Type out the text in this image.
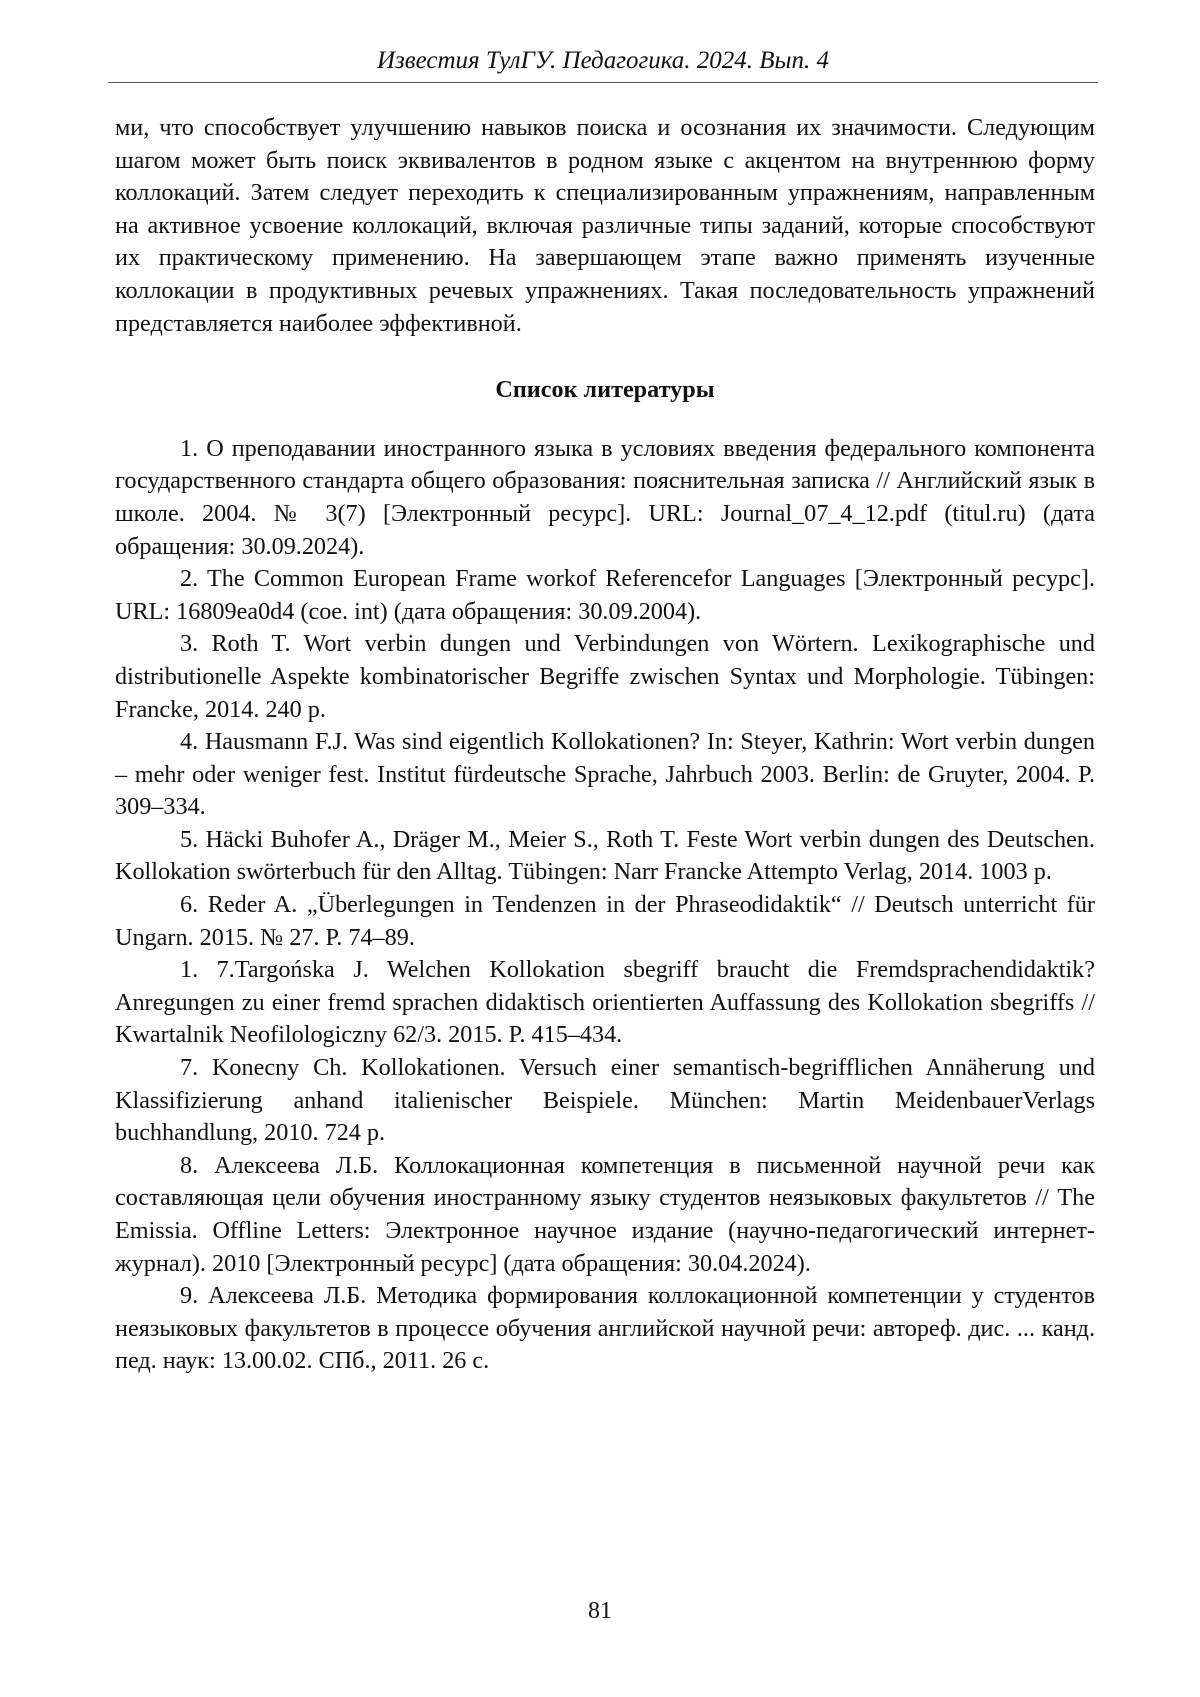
Известия ТулГУ. Педагогика. 2024. Вып. 4

ми, что способствует улучшению навыков поиска и осознания их значимости. Следующим шагом может быть поиск эквивалентов в родном языке с акцентом на внутреннюю форму коллокаций. Затем следует переходить к специализированным упражнениям, направленным на активное усвоение коллокаций, включая различные типы заданий, которые способствуют их практическому применению. На завершающем этапе важно применять изученные коллокации в продуктивных речевых упражнениях. Такая последовательность упражнений представляется наиболее эффективной.

Список литературы

1. О преподавании иностранного языка в условиях введения федерального компонента государственного стандарта общего образования: пояснительная записка // Английский язык в школе. 2004. № 3(7) [Электронный ресурс]. URL: Journal_07_4_12.pdf (titul.ru) (дата обращения: 30.09.2024).

2. The Common European Frame workof Referencefor Languages [Электронный ресурс]. URL: 16809ea0d4 (coe. int) (дата обращения: 30.09.2004).

3. Roth T. Wort verbin dungen und Verbindungen von Wörtern. Lexikographische und distributionelle Aspekte kombinatorischer Begriffe zwischen Syntax und Morphologie. Tübingen: Francke, 2014. 240 p.

4. Hausmann F.J. Was sind eigentlich Kollokationen? In: Steyer, Kathrin: Wort verbin dungen – mehr oder weniger fest. Institut fürdeutsche Sprache, Jahrbuch 2003. Berlin: de Gruyter, 2004. P. 309–334.

5. Häcki Buhofer A., Dräger M., Meier S., Roth T. Feste Wort verbin dungen des Deutschen. Kollokation swörterbuch für den Alltag. Tübingen: Narr Francke Attempto Verlag, 2014. 1003 p.

6. Reder A. „Überlegungen in Tendenzen in der Phraseodidaktik“ // Deutsch unterricht für Ungarn. 2015. № 27. P. 74–89.

1. 7.Targońska J. Welchen Kollokation sbegriff braucht die Fremdsprachendidaktik? Anregungen zu einer fremd sprachen didaktisch orientierten Auffassung des Kollokation sbegriffs // Kwartalnik Neofilologiczny 62/3. 2015. P. 415–434.

7. Konecny Ch. Kollokationen. Versuch einer semantisch-begrifflichen Annäherung und Klassifizierung anhand italienischer Beispiele. München: Martin MeidenbauerVerlags buchhandlung, 2010. 724 p.

8. Алексеева Л.Б. Коллокационная компетенция в письменной научной речи как составляющая цели обучения иностранному языку студентов неязыковых факультетов // The Emissia. Offline Letters: Электронное научное издание (научно-педагогический интернет-журнал). 2010 [Электронный ресурс] (дата обращения: 30.04.2024).

9. Алексеева Л.Б. Методика формирования коллокационной компетенции у студентов неязыковых факультетов в процессе обучения английской научной речи: автореф. дис. ... канд. пед. наук: 13.00.02. СПб., 2011. 26 с.

81
